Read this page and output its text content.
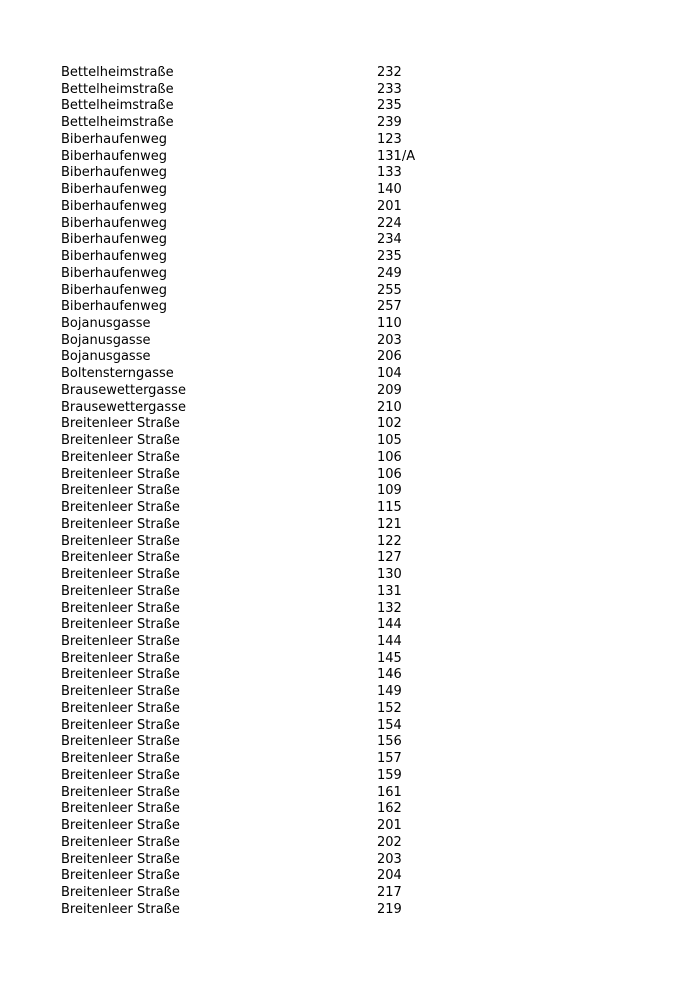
Bettelheimstraße	232
Bettelheimstraße	233
Bettelheimstraße	235
Bettelheimstraße	239
Biberhaufenweg	123
Biberhaufenweg	131/A
Biberhaufenweg	133
Biberhaufenweg	140
Biberhaufenweg	201
Biberhaufenweg	224
Biberhaufenweg	234
Biberhaufenweg	235
Biberhaufenweg	249
Biberhaufenweg	255
Biberhaufenweg	257
Bojanusgasse	110
Bojanusgasse	203
Bojanusgasse	206
Boltensterngasse	104
Brausewettergasse	209
Brausewettergasse	210
Breitenleer Straße	102
Breitenleer Straße	105
Breitenleer Straße	106
Breitenleer Straße	106
Breitenleer Straße	109
Breitenleer Straße	115
Breitenleer Straße	121
Breitenleer Straße	122
Breitenleer Straße	127
Breitenleer Straße	130
Breitenleer Straße	131
Breitenleer Straße	132
Breitenleer Straße	144
Breitenleer Straße	144
Breitenleer Straße	145
Breitenleer Straße	146
Breitenleer Straße	149
Breitenleer Straße	152
Breitenleer Straße	154
Breitenleer Straße	156
Breitenleer Straße	157
Breitenleer Straße	159
Breitenleer Straße	161
Breitenleer Straße	162
Breitenleer Straße	201
Breitenleer Straße	202
Breitenleer Straße	203
Breitenleer Straße	204
Breitenleer Straße	217
Breitenleer Straße	219
